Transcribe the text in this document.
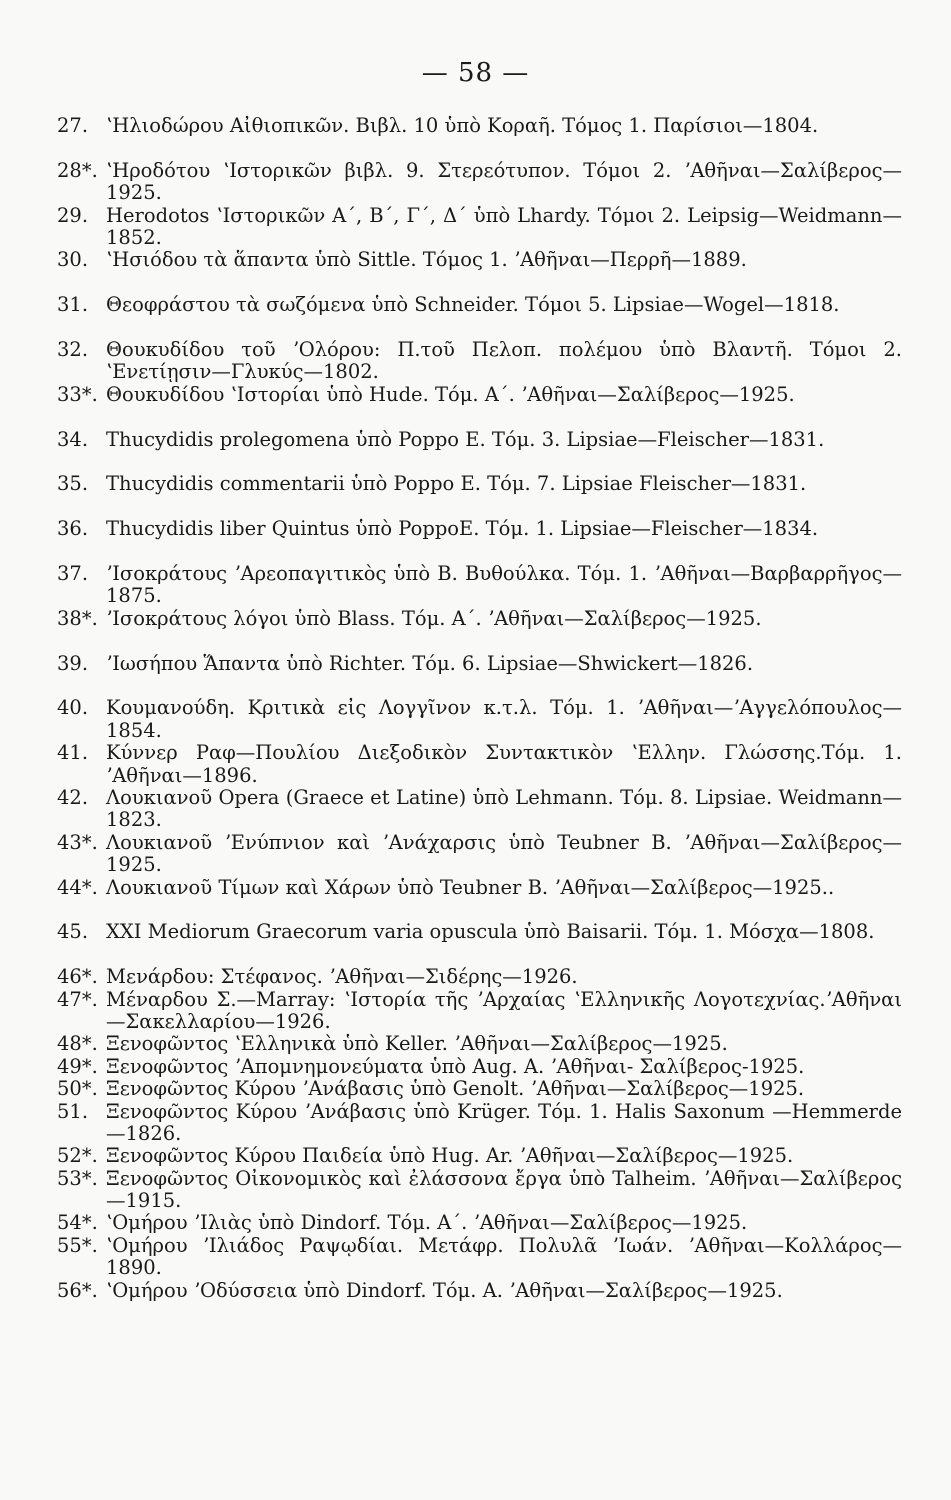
— 58 —
27. ʽΗλιοδώρου Αἰθιοπικῶν. Βιβλ. 10 ὑπὸ Κοραῆ. Τόμος 1. Παρίσιοι—1804.
28*. ʽΗροδότου ʽΙστορικῶν βιβλ. 9. Στερεότυπον. Τόμοι 2. ʼΑθῆναι—Σαλίβερος—1925.
29. Herodotos ʽΙστορικῶν Α΄, Β΄, Γ΄, Δ΄ ὑπὸ Lhardy. Τόμοι 2. Leipsig—Weidmann—1852.
30. ʽΗσιόδου τὰ ἅπαντα ὑπὸ Sittle. Τόμος 1. ʼΑθῆναι—Περρῆ—1889.
31. Θεοφράστου τὰ σωζόμενα ὑπὸ Schneider. Τόμοι 5. Lipsiae—Wogel—1818.
32. Θουκυδίδου τοῦ ʼΟλόρου: Π.τοῦ Πελοπ. πολέμου ὑπὸ Βλαντῆ. Τόμοι 2. ʽΕνετίῃσιν—Γλυκύς—1802.
33*. Θουκυδίδου ʽΙστορίαι ὑπὸ Hude. Τόμ. Α΄. ʼΑθῆναι—Σαλίβερος—1925.
34. Thucydidis prolegomena ὑπὸ Poppo Ε. Τόμ. 3. Lipsiae—Fleischer—1831.
35. Thucydidis commentarii ὑπὸ Poppo Ε. Τόμ. 7. Lipsiae Fleischer—1831.
36. Thucydidis liber Quintus ὑπὸ PoppoE. Τόμ. 1. Lipsiae—Fleischer—1834.
37. ʼΙσοκράτους ʼΑρεοπαγιτικὸς ὑπὸ Β. Βυθούλκα. Τόμ. 1. ʼΑθῆναι—Βαρβαρρῆγος—1875.
38*. ʼΙσοκράτους λόγοι ὑπὸ Blass. Τόμ. Α΄. ʼΑθῆναι—Σαλίβερος—1925.
39. ʼΙωσήπου Ἅπαντα ὑπὸ Richter. Τόμ. 6. Lipsiae—Shwickert—1826.
40. Κουμανούδη. Κριτικὰ εἰς Λογγῖνον κ.τ.λ. Τόμ. 1. ʼΑθῆναι—ʼΑγγελόπουλος—1854.
41. Κύννερ Ραφ—Πουλίου Διεξοδικὸν Συντακτικὸν ʽΕλλην. Γλώσσης.Τόμ. 1. ʼΑθῆναι—1896.
42. Λουκιανοῦ Opera (Graece et Latine) ὑπὸ Lehmann. Τόμ. 8. Lipsiae. Weidmann—1823.
43*. Λουκιανοῦ ʼΕνύπνιον καὶ ʼΑνάχαρσις ὑπὸ Teubner Β. ʼΑθῆναι—Σαλίβερος—1925.
44*. Λουκιανοῦ Τίμων καὶ Χάρων ὑπὸ Teubner Β. ʼΑθῆναι—Σαλίβερος—1925..
45. XXI Mediorum Graecorum varia opuscula ὑπὸ Baisarii. Τόμ. 1. Μόσχα—1808.
46*. Μενάρδου: Στέφανος. ʼΑθῆναι—Σιδέρης—1926.
47*. Μέναρδου Σ.—Marray: ʽΙστορία τῆς ʼΑρχαίας ʽΕλληνικῆς Λογοτεχνίας.ʼΑθῆναι—Σακελλαρίου—1926.
48*. Ξενοφῶντος ʽΕλληνικὰ ὑπὸ Keller. ʼΑθῆναι—Σαλίβερος—1925.
49*. Ξενοφῶντος ʼΑπομνημονεύματα ὑπὸ Aug. A. ʼΑθῆναι- Σαλίβερος-1925.
50*. Ξενοφῶντος Κύρου ʼΑνάβασις ὑπὸ Genolt. ʼΑθῆναι—Σαλίβερος—1925.
51. Ξενοφῶντος Κύρου ʼΑνάβασις ὑπὸ Krüger. Τόμ. 1. Halis Saxonum —Hemmerde—1826.
52*. Ξενοφῶντος Κύρου Παιδεία ὑπὸ Hug. Ar. ʼΑθῆναι—Σαλίβερος—1925.
53*. Ξενοφῶντος Οἰκονομικὸς καὶ ἐλάσσονα ἔργα ὑπὸ Talheim. ʼΑθῆναι—Σαλίβερος—1915.
54*. ʽΟμήρου ʼΙλιὰς ὑπὸ Dindorf. Τόμ. Α΄. ʼΑθῆναι—Σαλίβερος—1925.
55*. ʽΟμήρου ʼΙλιάδος Ραψῳδίαι. Μετάφρ. Πολυλᾶ ʼΙωάν. ʼΑθῆναι—Κολλάρος—1890.
56*. ʽΟμήρου ʼΟδύσσεια ὑπὸ Dindorf. Τόμ. Α. ʼΑθῆναι—Σαλίβερος—1925.
